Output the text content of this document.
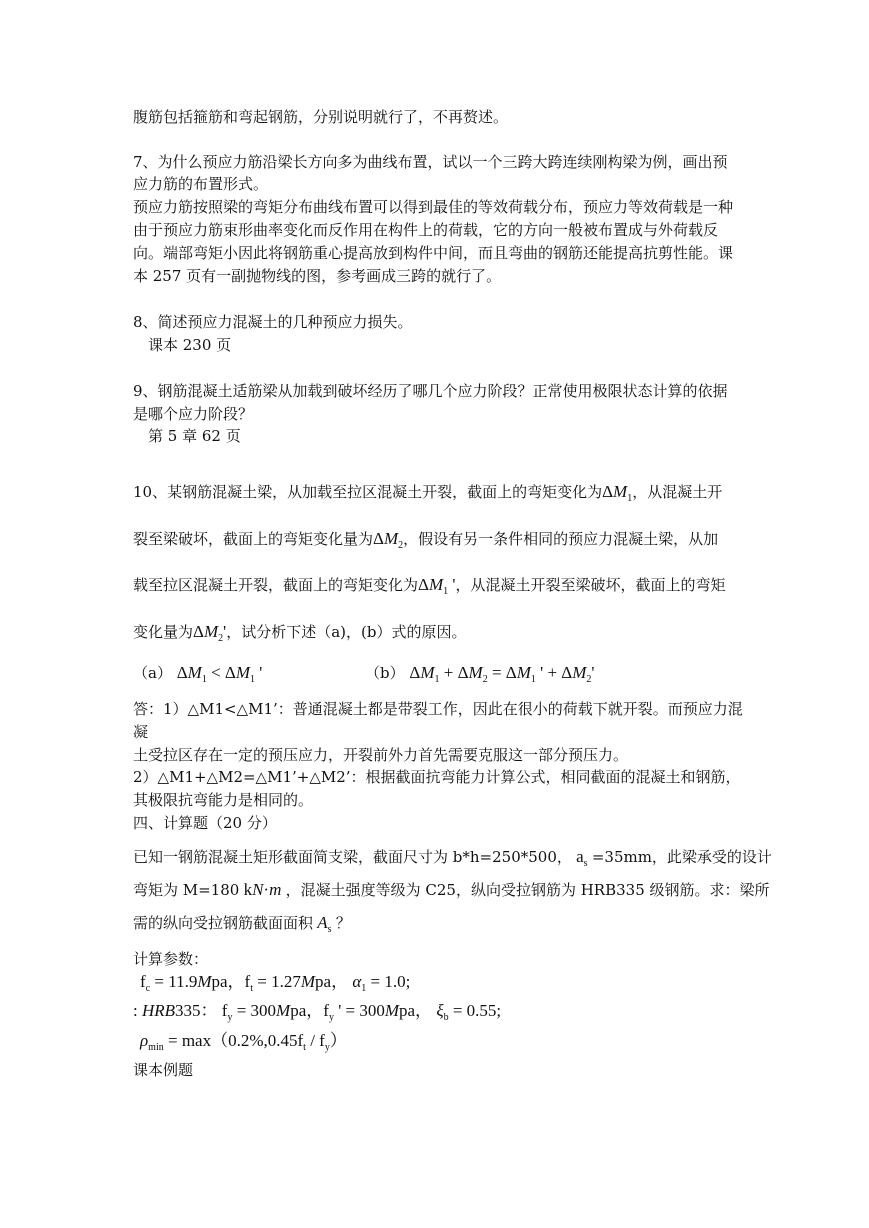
腹筋包括箍筋和弯起钢筋，分别说明就行了，不再赘述。
7、为什么预应力筋沿梁长方向多为曲线布置，试以一个三跨大跨连续刚构梁为例，画出预
应力筋的布置形式。
预应力筋按照梁的弯矩分布曲线布置可以得到最佳的等效荷载分布，预应力等效荷载是一种
由于预应力筋束形曲率变化而反作用在构件上的荷载，它的方向一般被布置成与外荷载反
向。端部弯矩小因此将钢筋重心提高放到构件中间，而且弯曲的钢筋还能提高抗剪性能。课
本 257 页有一副抛物线的图，参考画成三跨的就行了。
8、简述预应力混凝土的几种预应力损失。
课本 230 页
9、钢筋混凝土适筋梁从加载到破坏经历了哪几个应力阶段？正常使用极限状态计算的依据
是哪个应力阶段？
第 5 章 62 页
10、某钢筋混凝土梁，从加载至拉区混凝土开裂，截面上的弯矩变化为$\Delta M_1$，从混凝土开
裂至梁破坏，截面上的弯矩变化量为$\Delta M_2$，假设有另一条件相同的预应力混凝土梁，从加
载至拉区混凝土开裂，截面上的弯矩变化为$\Delta M_1$ '，从混凝土开裂至梁破坏，截面上的弯矩
变化量为$\Delta M_2'$，试分析下述（a)，(b）式的原因。
（a） $\Delta M_1 < \Delta M_1$ '	（b） $\Delta M_1 + \Delta M_2 = \Delta M_1$ ' + $\Delta M_2'$
答：1）△M1<△M1’：普通混凝土都是带裂工作，因此在很小的荷载下就开裂。而预应力混
凝
土受拉区存在一定的预压应力，开裂前外力首先需要克服这一部分预压力。
2）△M1+△M2=△M1’+△M2’：根据截面抗弯能力计算公式，相同截面的混凝土和钢筋，
其极限抗弯能力是相同的。
四、计算题（20 分）
已知一钢筋混凝土矩形截面简支梁，截面尺寸为 b*h=250*500， $a_s =35mm$，此梁承受的设计
弯矩为 M=180 kN·m ，混凝土强度等级为 C25，纵向受拉钢筋为 HRB335 级钢筋。求：梁所
需的纵向受拉钢筋截面面积 $A_s$ ？
计算参数：
$f_c = 11.9Mpa$，$f_t = 1.27Mpa$， $\alpha_1 = 1.0$;
: HRB335： $f_y = 300Mpa$，$f_y$ ' = 300Mpa， $\xi_b = 0.55$;
$\rho_{min} = \max(0.2\%,0.45f_t / f_y)$
课本例题
